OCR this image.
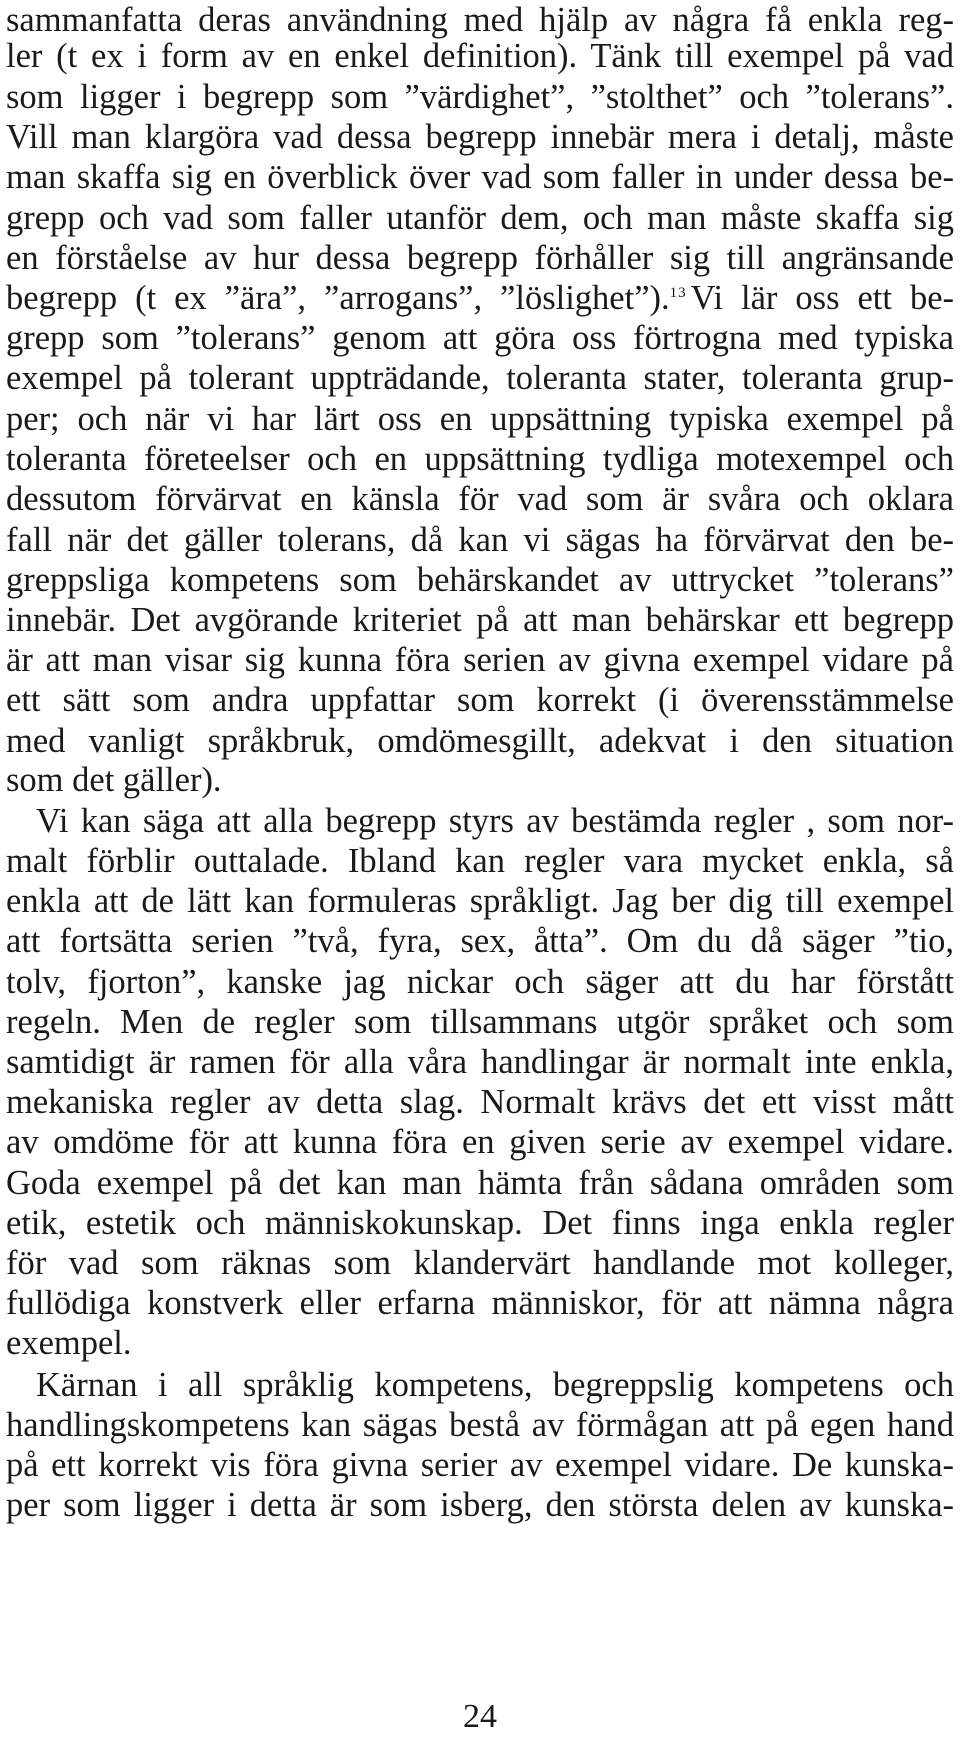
sammanfatta deras användning med hjälp av några få enkla reg-
ler (t ex i form av en enkel definition). Tänk till exempel på vad
som ligger i begrepp som ”värdighet”, ”stolthet” och ”tolerans”.
Vill man klargöra vad dessa begrepp innebär mera i detalj, måste
man skaffa sig en överblick över vad som faller in under dessa be-
grepp och vad som faller utanför dem, och man måste skaffa sig
en förståelse av hur dessa begrepp förhåller sig till angränsande
begrepp (t ex ”ära”, ”arrogans”, ”löslighet”).$^{13}$ Vi lär oss ett be-
grepp som ”tolerans” genom att göra oss förtrogna med typiska
exempel på tolerant uppträdande, toleranta stater, toleranta grup-
per; och när vi har lärt oss en uppsättning typiska exempel på
toleranta företeelser och en uppsättning tydliga motexempel och
dessutom förvärvat en känsla för vad som är svåra och oklara
fall när det gäller tolerans, då kan vi sägas ha förvärvat den be-
greppsliga kompetens som behärskandet av uttrycket ”tolerans”
innebär. Det avgörande kriteriet på att man behärskar ett begrepp
är att man visar sig kunna föra serien av givna exempel vidare på
ett sätt som andra uppfattar som korrekt (i överensstämmelse
med vanligt språkbruk, omdömesgillt, adekvat i den situation
som det gäller).
Vi kan säga att alla begrepp styrs av bestämda regler , som nor-
malt förblir outtalade. Ibland kan regler vara mycket enkla, så
enkla att de lätt kan formuleras språkligt. Jag ber dig till exempel
att fortsätta serien ”två, fyra, sex, åtta”. Om du då säger ”tio,
tolv, fjorton”, kanske jag nickar och säger att du har förstått
regeln. Men de regler som tillsammans utgör språket och som
samtidigt är ramen för alla våra handlingar är normalt inte enkla,
mekaniska regler av detta slag. Normalt krävs det ett visst mått
av omdöme för att kunna föra en given serie av exempel vidare.
Goda exempel på det kan man hämta från sådana områden som
etik, estetik och människokunskap. Det finns inga enkla regler
för vad som räknas som klandervärt handlande mot kolleger,
fullödiga konstverk eller erfarna människor, för att nämna några
exempel.
Kärnan i all språklig kompetens, begreppslig kompetens och
handlingskompetens kan sägas bestå av förmågan att på egen hand
på ett korrekt vis föra givna serier av exempel vidare. De kunska-
per som ligger i detta är som isberg, den största delen av kunska-
24
